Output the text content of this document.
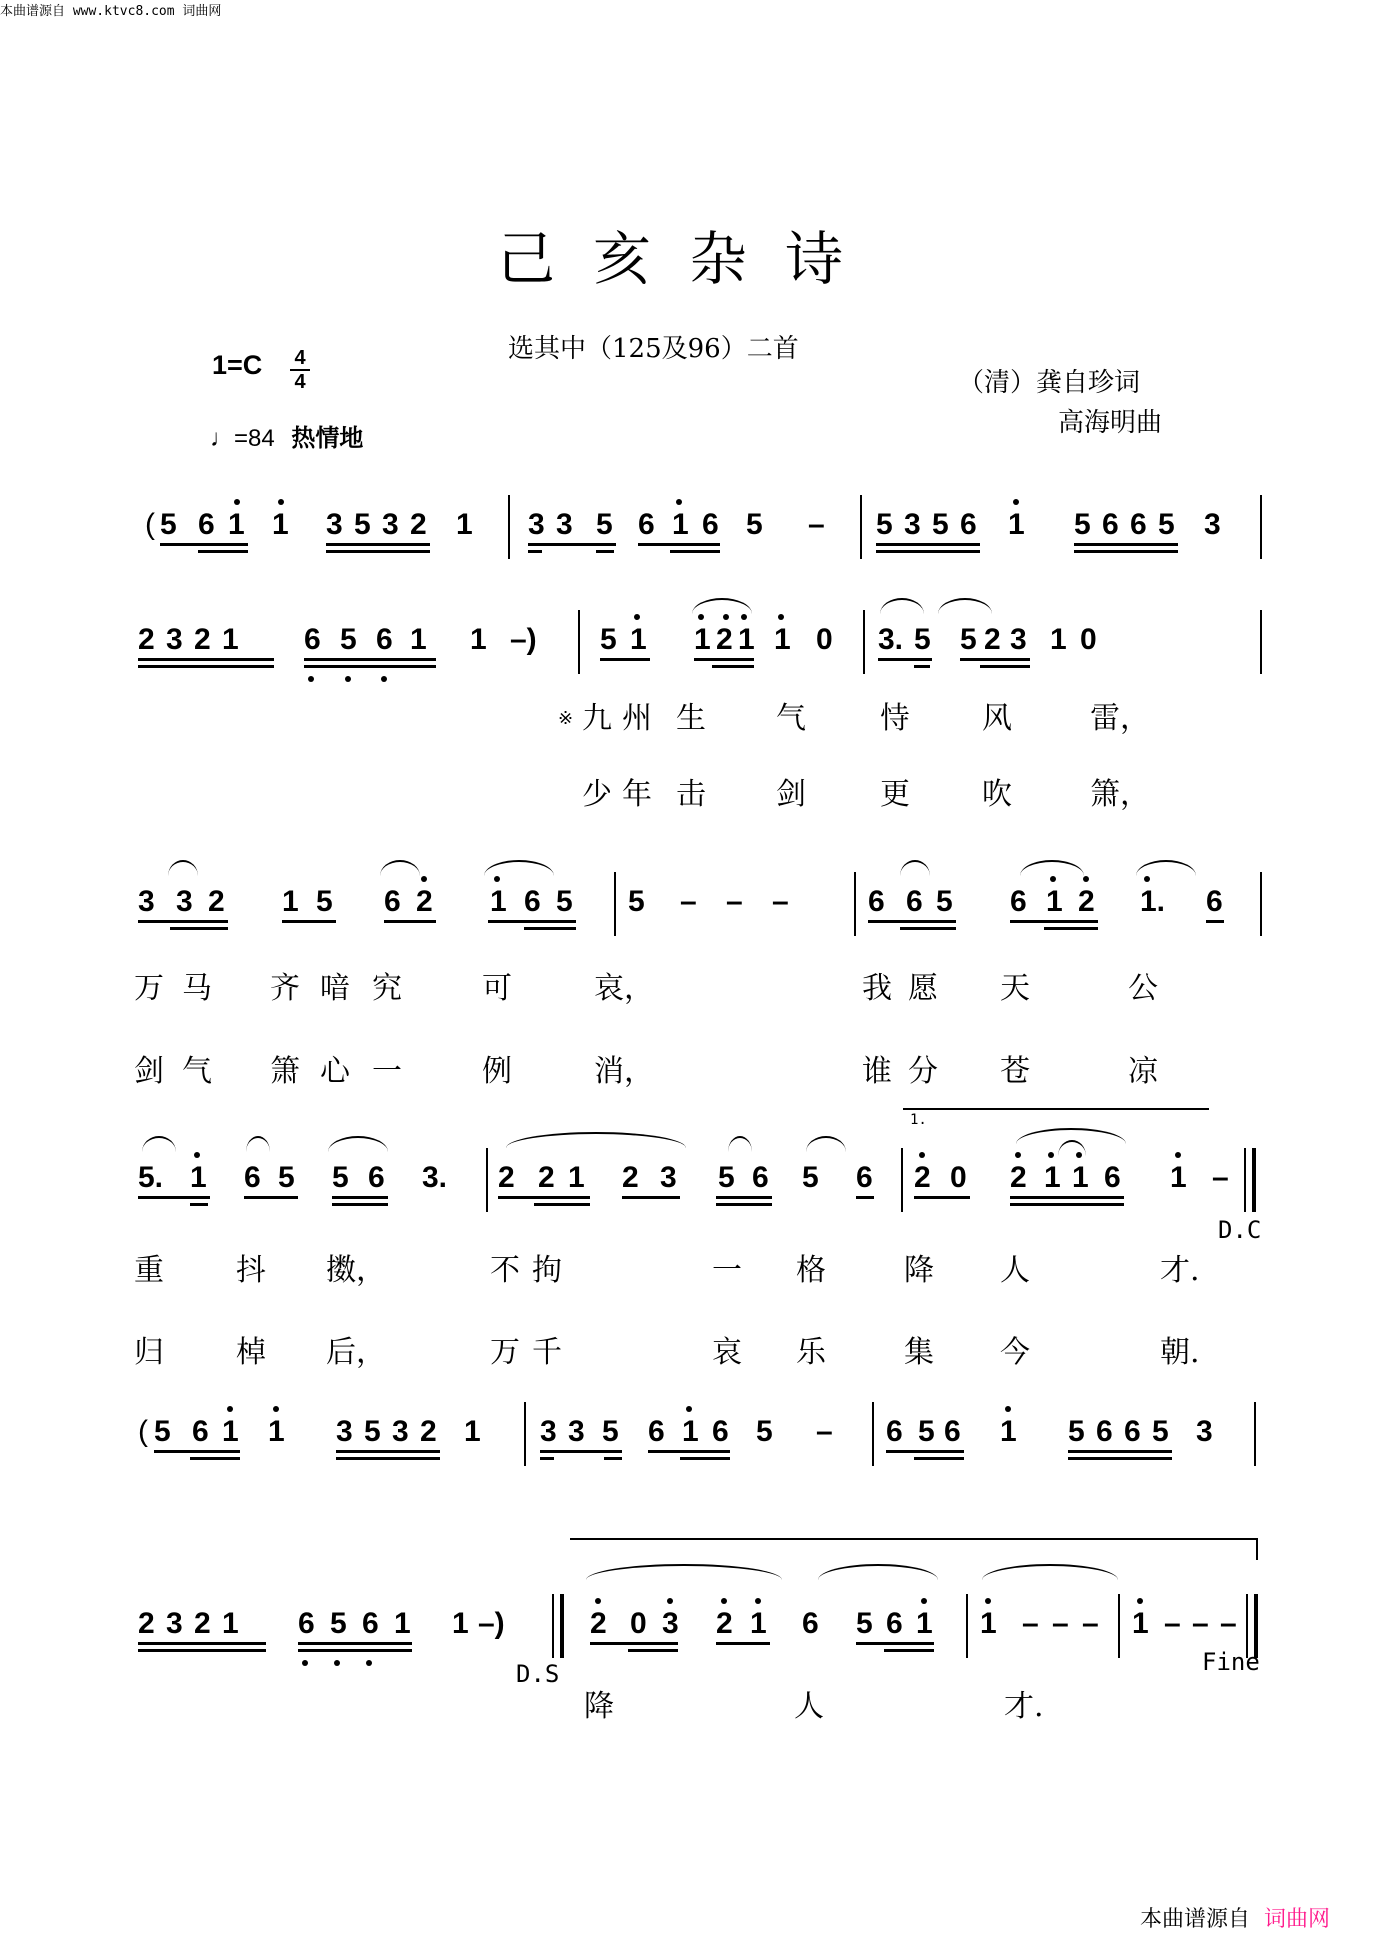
本曲谱源自 www.ktvc8.com 词曲网
己亥杂诗
选其中（125及96）二首
1=C 4
4
♩=84 热情地
（清）龚自珍词
高海明曲
( 5 6 1 1 3 5 3 2 1 3 3 5 6 1 6 5 – 5 3 5 6 1 5 6 6 5 3
2 3 2 1 6 5 6 1 1 –) 5 1 1 2 1 1 0 3. 5 5 2 3 1 0
※ 九 州 生 气 恃 风	雷，
少 年 击 剑 更 吹	箫，
3 3 2 1 5 6 2 1 6 5 5 – – –	6 6 5 6 1 2 1. 6
万 马 齐 喑 究	可	哀，	我 愿 天	公
剑 气 箫 心 一	例	消，	谁 分 苍	凉
5. 1 6 5 5 6 3. 2 2 1 2 3 5 6 5 6
1.
2 0 2 1 1 6 1 –
D.C
重 抖 擞，	不 拘	一 格	降 人	才.
归 棹 后，	万 千	哀 乐	集 今	朝.
( 5 6 1 1 3 5 3 2 1 3 3 5 6 1 6 5 – 6 5 6 1 5 6 6 5 3
2 3 2 1 6 5 6 1 1 –)	2 0 3 2 1 6 5 6 1 1 – – – 1 – – –
D.S	Fine
降	人	才.
本曲谱源自 词曲网
